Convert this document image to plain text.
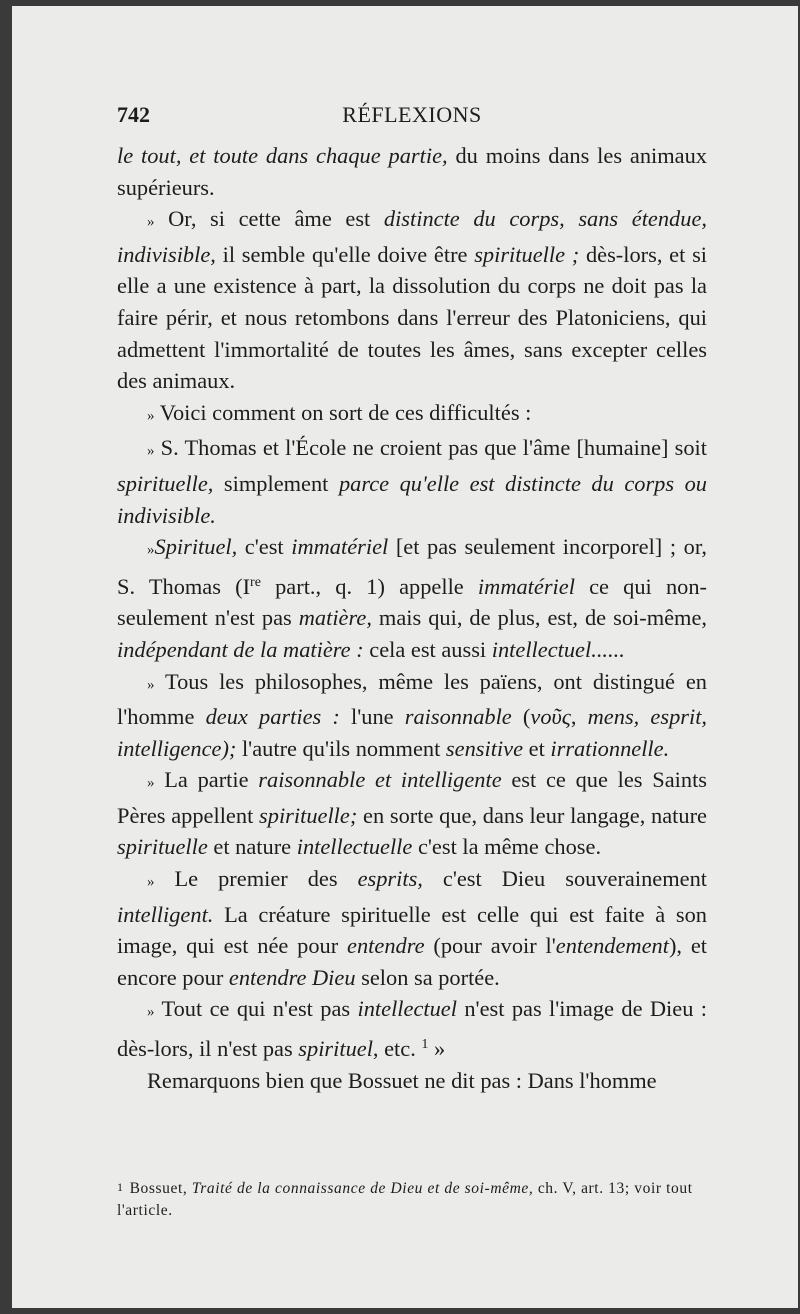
742	RÉFLEXIONS

le tout, et toute dans chaque partie, du moins dans les animaux supérieurs.

» Or, si cette âme est distincte du corps, sans étendue, indivisible, il semble qu'elle doive être spirituelle ; dès-lors, et si elle a une existence à part, la dissolution du corps ne doit pas la faire périr, et nous retombons dans l'erreur des Platoniciens, qui admettent l'immortalité de toutes les âmes, sans excepter celles des animaux.

» Voici comment on sort de ces difficultés :

» S. Thomas et l'École ne croient pas que l'âme [humaine] soit spirituelle, simplement parce qu'elle est distincte du corps ou indivisible.

»Spirituel, c'est immatériel [et pas seulement incorporel] ; or, S. Thomas (Ire part., q. 1) appelle immatériel ce qui non-seulement n'est pas matière, mais qui, de plus, est, de soi-même, indépendant de la matière : cela est aussi intellectuel......

» Tous les philosophes, même les païens, ont distingué en l'homme deux parties : l'une raisonnable (νοῦς, mens, esprit, intelligence); l'autre qu'ils nomment sensitive et irrationnelle.

» La partie raisonnable et intelligente est ce que les Saints Pères appellent spirituelle; en sorte que, dans leur langage, nature spirituelle et nature intellectuelle c'est la même chose.

» Le premier des esprits, c'est Dieu souverainement intelligent. La créature spirituelle est celle qui est faite à son image, qui est née pour entendre (pour avoir l'entendement), et encore pour entendre Dieu selon sa portée.

» Tout ce qui n'est pas intellectuel n'est pas l'image de Dieu : dès-lors, il n'est pas spirituel, etc. $^1$ »

Remarquons bien que Bossuet ne dit pas : Dans l'homme

1 Bossuet, Traité de la connaissance de Dieu et de soi-même, ch. V, art. 13; voir tout l'article.
